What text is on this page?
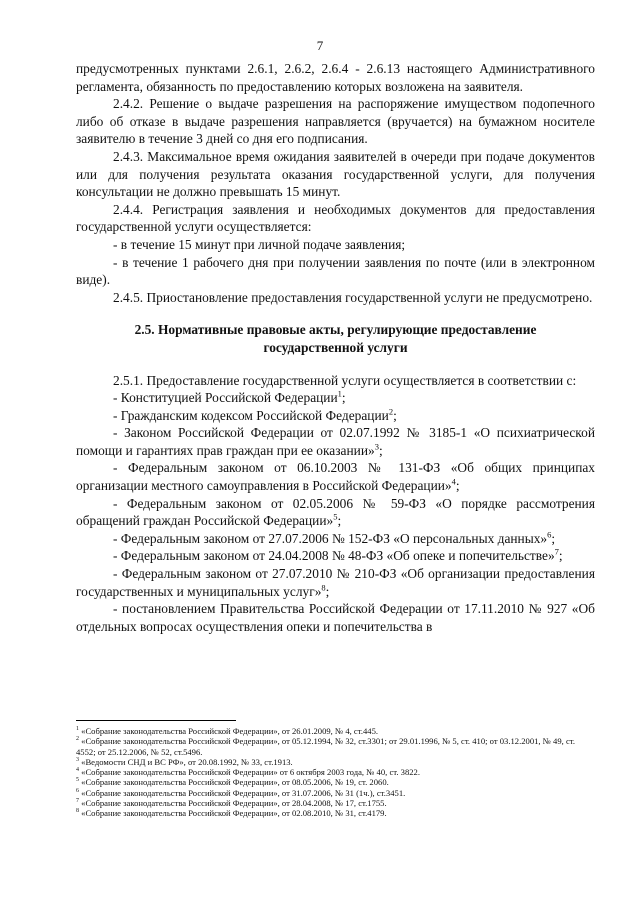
7

предусмотренных пунктами 2.6.1, 2.6.2, 2.6.4 - 2.6.13 настоящего Административного регламента, обязанность по предоставлению которых возложена на заявителя.

2.4.2. Решение о выдаче разрешения на распоряжение имуществом подопечного либо об отказе в выдаче разрешения направляется (вручается) на бумажном носителе заявителю в течение 3 дней со дня его подписания.

2.4.3. Максимальное время ожидания заявителей в очереди при подаче документов или для получения результата оказания государственной услуги, для получения консультации не должно превышать 15 минут.

2.4.4. Регистрация заявления и необходимых документов для предоставления государственной услуги осуществляется:

- в течение 15 минут при личной подаче заявления;

- в течение 1 рабочего дня при получении заявления по почте (или в электронном виде).

2.4.5. Приостановление предоставления государственной услуги не предусмотрено.

2.5. Нормативные правовые акты, регулирующие предоставление
государственной услуги

2.5.1. Предоставление государственной услуги осуществляется в соответствии с:

- Конституцией Российской Федерации$^1$;

- Гражданским кодексом Российской Федерации$^2$;

- Законом Российской Федерации от 02.07.1992 № 3185-1 «О психиатрической помощи и гарантиях прав граждан при ее оказании»$^3$;

- Федеральным законом от 06.10.2003 № 131-ФЗ «Об общих принципах организации местного самоуправления в Российской Федерации»$^4$;

- Федеральным законом от 02.05.2006 № 59-ФЗ «О порядке рассмотрения обращений граждан Российской Федерации»$^5$;

- Федеральным законом от 27.07.2006 № 152-ФЗ «О персональных данных»$^6$;

- Федеральным законом от 24.04.2008 № 48-ФЗ «Об опеке и попечительстве»$^7$;

- Федеральным законом от 27.07.2010 № 210-ФЗ «Об организации предоставления государственных и муниципальных услуг»$^8$;

- постановлением Правительства Российской Федерации от 17.11.2010 № 927 «Об отдельных вопросах осуществления опеки и попечительства в

$^1$ «Собрание законодательства Российской Федерации», от 26.01.2009, № 4, ст.445.

$^2$ «Собрание законодательства Российской Федерации», от 05.12.1994, № 32, ст.3301; от 29.01.1996, № 5, ст. 410; от 03.12.2001, № 49, ст. 4552; от 25.12.2006, № 52, ст.5496.

$^3$ «Ведомости СНД и ВС РФ», от 20.08.1992, № 33, ст.1913.

$^4$ «Собрание законодательства Российской Федерации» от 6 октября 2003 года, № 40, ст. 3822.

$^5$ «Собрание законодательства Российской Федерации», от 08.05.2006, № 19, ст. 2060.

$^6$ «Собрание законодательства Российской Федерации», от 31.07.2006, № 31 (1ч.), ст.3451.

$^7$ «Собрание законодательства Российской Федерации», от 28.04.2008, № 17, ст.1755.

$^8$ «Собрание законодательства Российской Федерации», от 02.08.2010, № 31, ст.4179.
